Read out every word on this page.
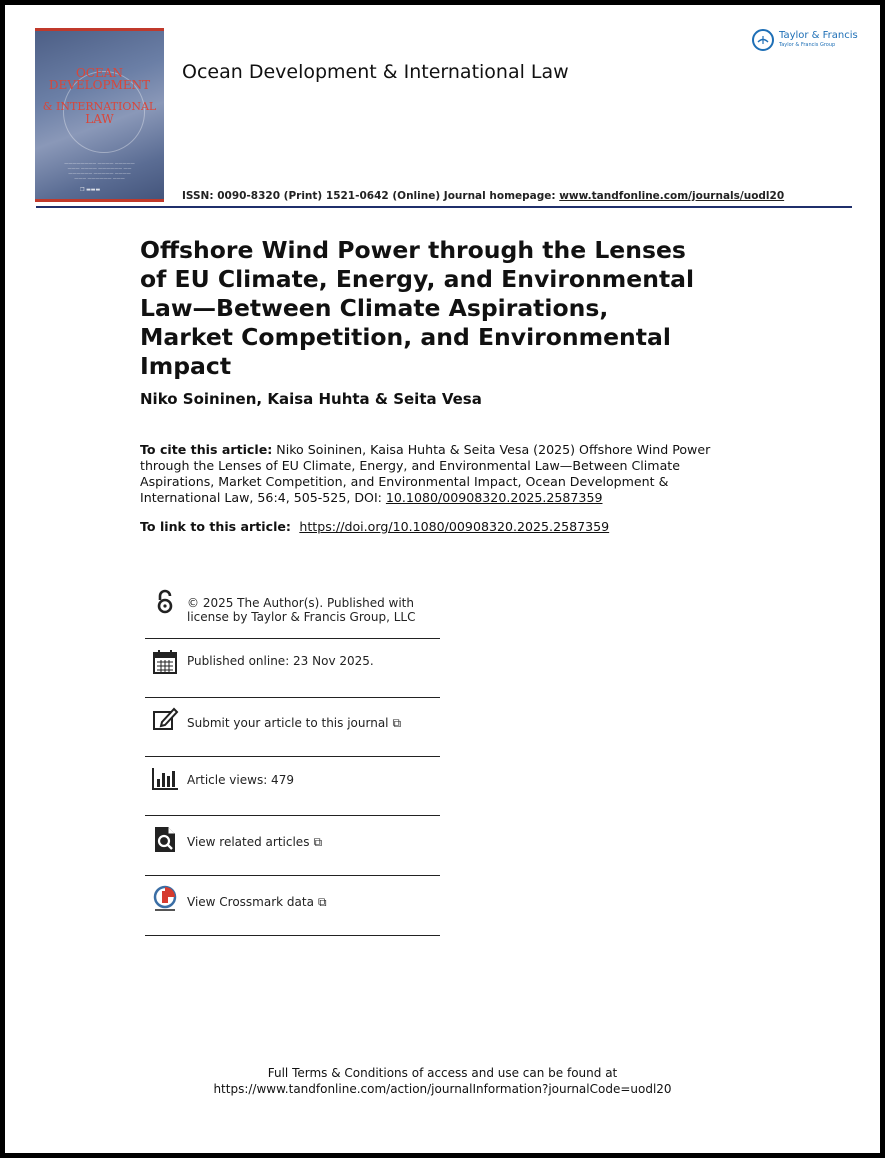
OCEAN
DEVELOPMENT
& INTERNATIONAL
LAW
———————— ———— —————
——— ———— —————— ——
—————— ————— ————
——— —————— ———
❐ ▬▬▬
Ocean Development & International Law
Taylor & Francis
Taylor & Francis Group
ISSN: 0090-8320 (Print) 1521-0642 (Online) Journal homepage: www.tandfonline.com/journals/uodl20
Offshore Wind Power through the Lenses of EU Climate, Energy, and Environmental Law—Between Climate Aspirations, Market Competition, and Environmental Impact
Niko Soininen, Kaisa Huhta & Seita Vesa
To cite this article: Niko Soininen, Kaisa Huhta & Seita Vesa (2025) Offshore Wind Power through the Lenses of EU Climate, Energy, and Environmental Law—Between Climate Aspirations, Market Competition, and Environmental Impact, Ocean Development & International Law, 56:4, 505-525, DOI: 10.1080/00908320.2025.2587359
To link to this article: https://doi.org/10.1080/00908320.2025.2587359
© 2025 The Author(s). Published with
license by Taylor & Francis Group, LLC
Published online: 23 Nov 2025.
Submit your article to this journal ⧉
Article views: 479
View related articles ⧉
View Crossmark data ⧉
Full Terms & Conditions of access and use can be found at
https://www.tandfonline.com/action/journalInformation?journalCode=uodl20
